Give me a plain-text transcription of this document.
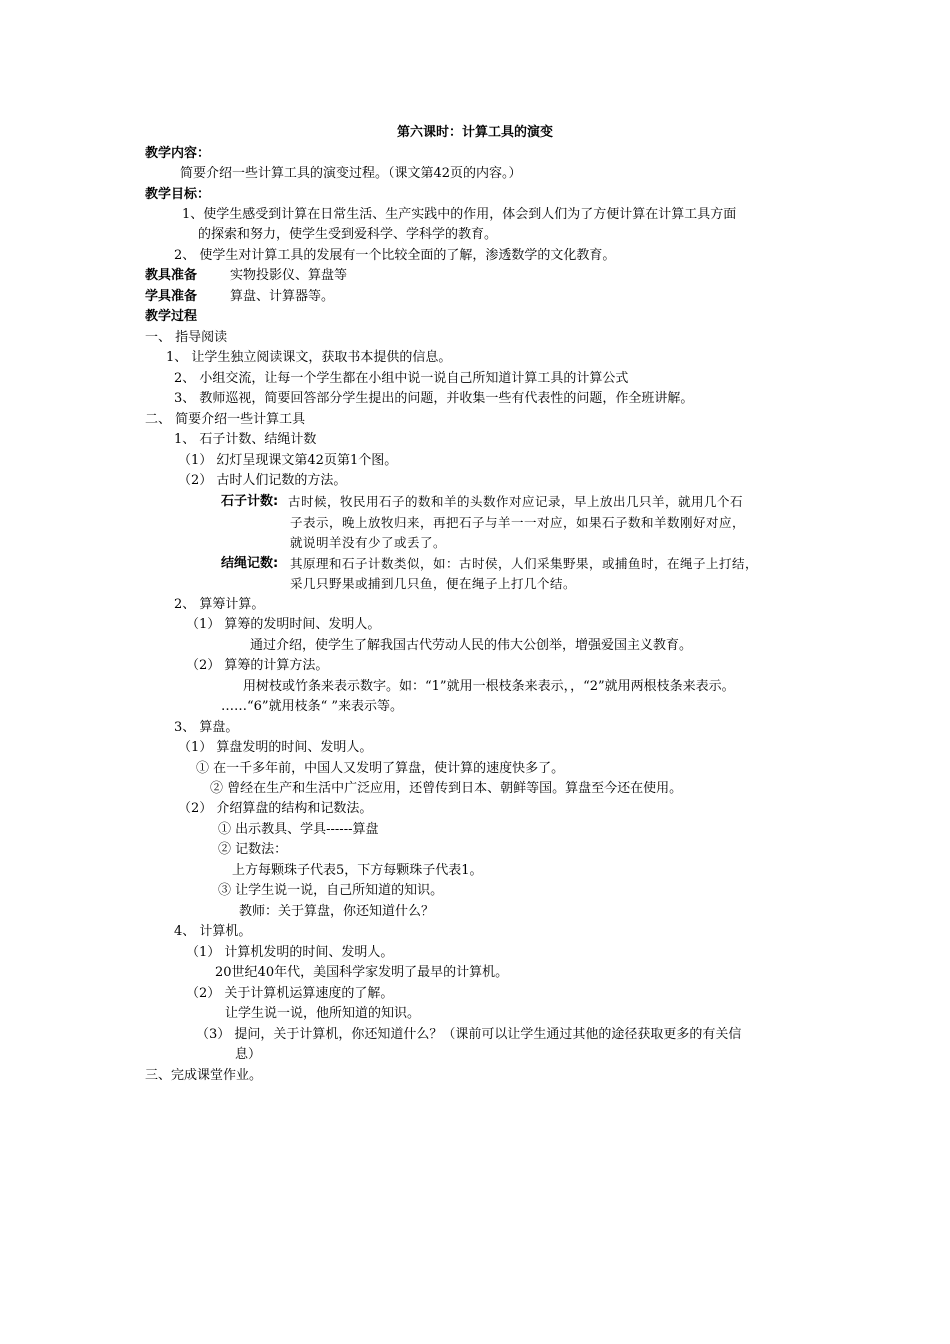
第六课时：计算工具的演变
教学内容：
简要介绍一些计算工具的演变过程。（课文第42页的内容。）
教学目标：
1、使学生感受到计算在日常生活、生产实践中的作用，体会到人们为了方便计算在计算工具方面
的探索和努力，使学生受到爱科学、学科学的教育。
2、 使学生对计算工具的发展有一个比较全面的了解，渗透数学的文化教育。
教具准备	实物投影仪、算盘等
学具准备	算盘、计算器等。
教学过程
一、 指导阅读
1、 让学生独立阅读课文，获取书本提供的信息。
2、 小组交流，让每一个学生都在小组中说一说自己所知道计算工具的计算公式
3、 教师巡视，简要回答部分学生提出的问题，并收集一些有代表性的问题，作全班讲解。
二、 简要介绍一些计算工具
1、 石子计数、结绳计数
（1） 幻灯呈现课文第42页第1个图。
（2） 古时人们记数的方法。
石子计数: 古时候，牧民用石子的数和羊的头数作对应记录，早上放出几只羊，就用几个石
子表示，晚上放牧归来，再把石子与羊一一对应，如果石子数和羊数刚好对应，
就说明羊没有少了或丢了。
结绳记数: 其原理和石子计数类似，如：古时侯，人们采集野果，或捕鱼时，在绳子上打结，
采几只野果或捕到几只鱼，便在绳子上打几个结。
2、 算筹计算。
（1） 算筹的发明时间、发明人。
通过介绍，使学生了解我国古代劳动人民的伟大公创举，增强爱国主义教育。
（2） 算筹的计算方法。
用树枝或竹条来表示数字。如：“1”就用一根枝条来表示，，“2”就用两根枝条来表示。
……“6”就用枝条“ ”来表示等。
3、 算盘。
（1） 算盘发明的时间、发明人。
① 在一千多年前，中国人又发明了算盘，使计算的速度快多了。
② 曾经在生产和生活中广泛应用，还曾传到日本、朝鲜等国。算盘至今还在使用。
（2） 介绍算盘的结构和记数法。
① 出示教具、学具------算盘
② 记数法：
上方每颗珠子代表5，下方每颗珠子代表1。
③ 让学生说一说，自己所知道的知识。
教师：关于算盘，你还知道什么？
4、 计算机。
（1） 计算机发明的时间、发明人。
20世纪40年代，美国科学家发明了最早的计算机。
（2） 关于计算机运算速度的了解。
让学生说一说，他所知道的知识。
（3） 提问，关于计算机，你还知道什么？（课前可以让学生通过其他的途径获取更多的有关信
息）
三、完成课堂作业。
